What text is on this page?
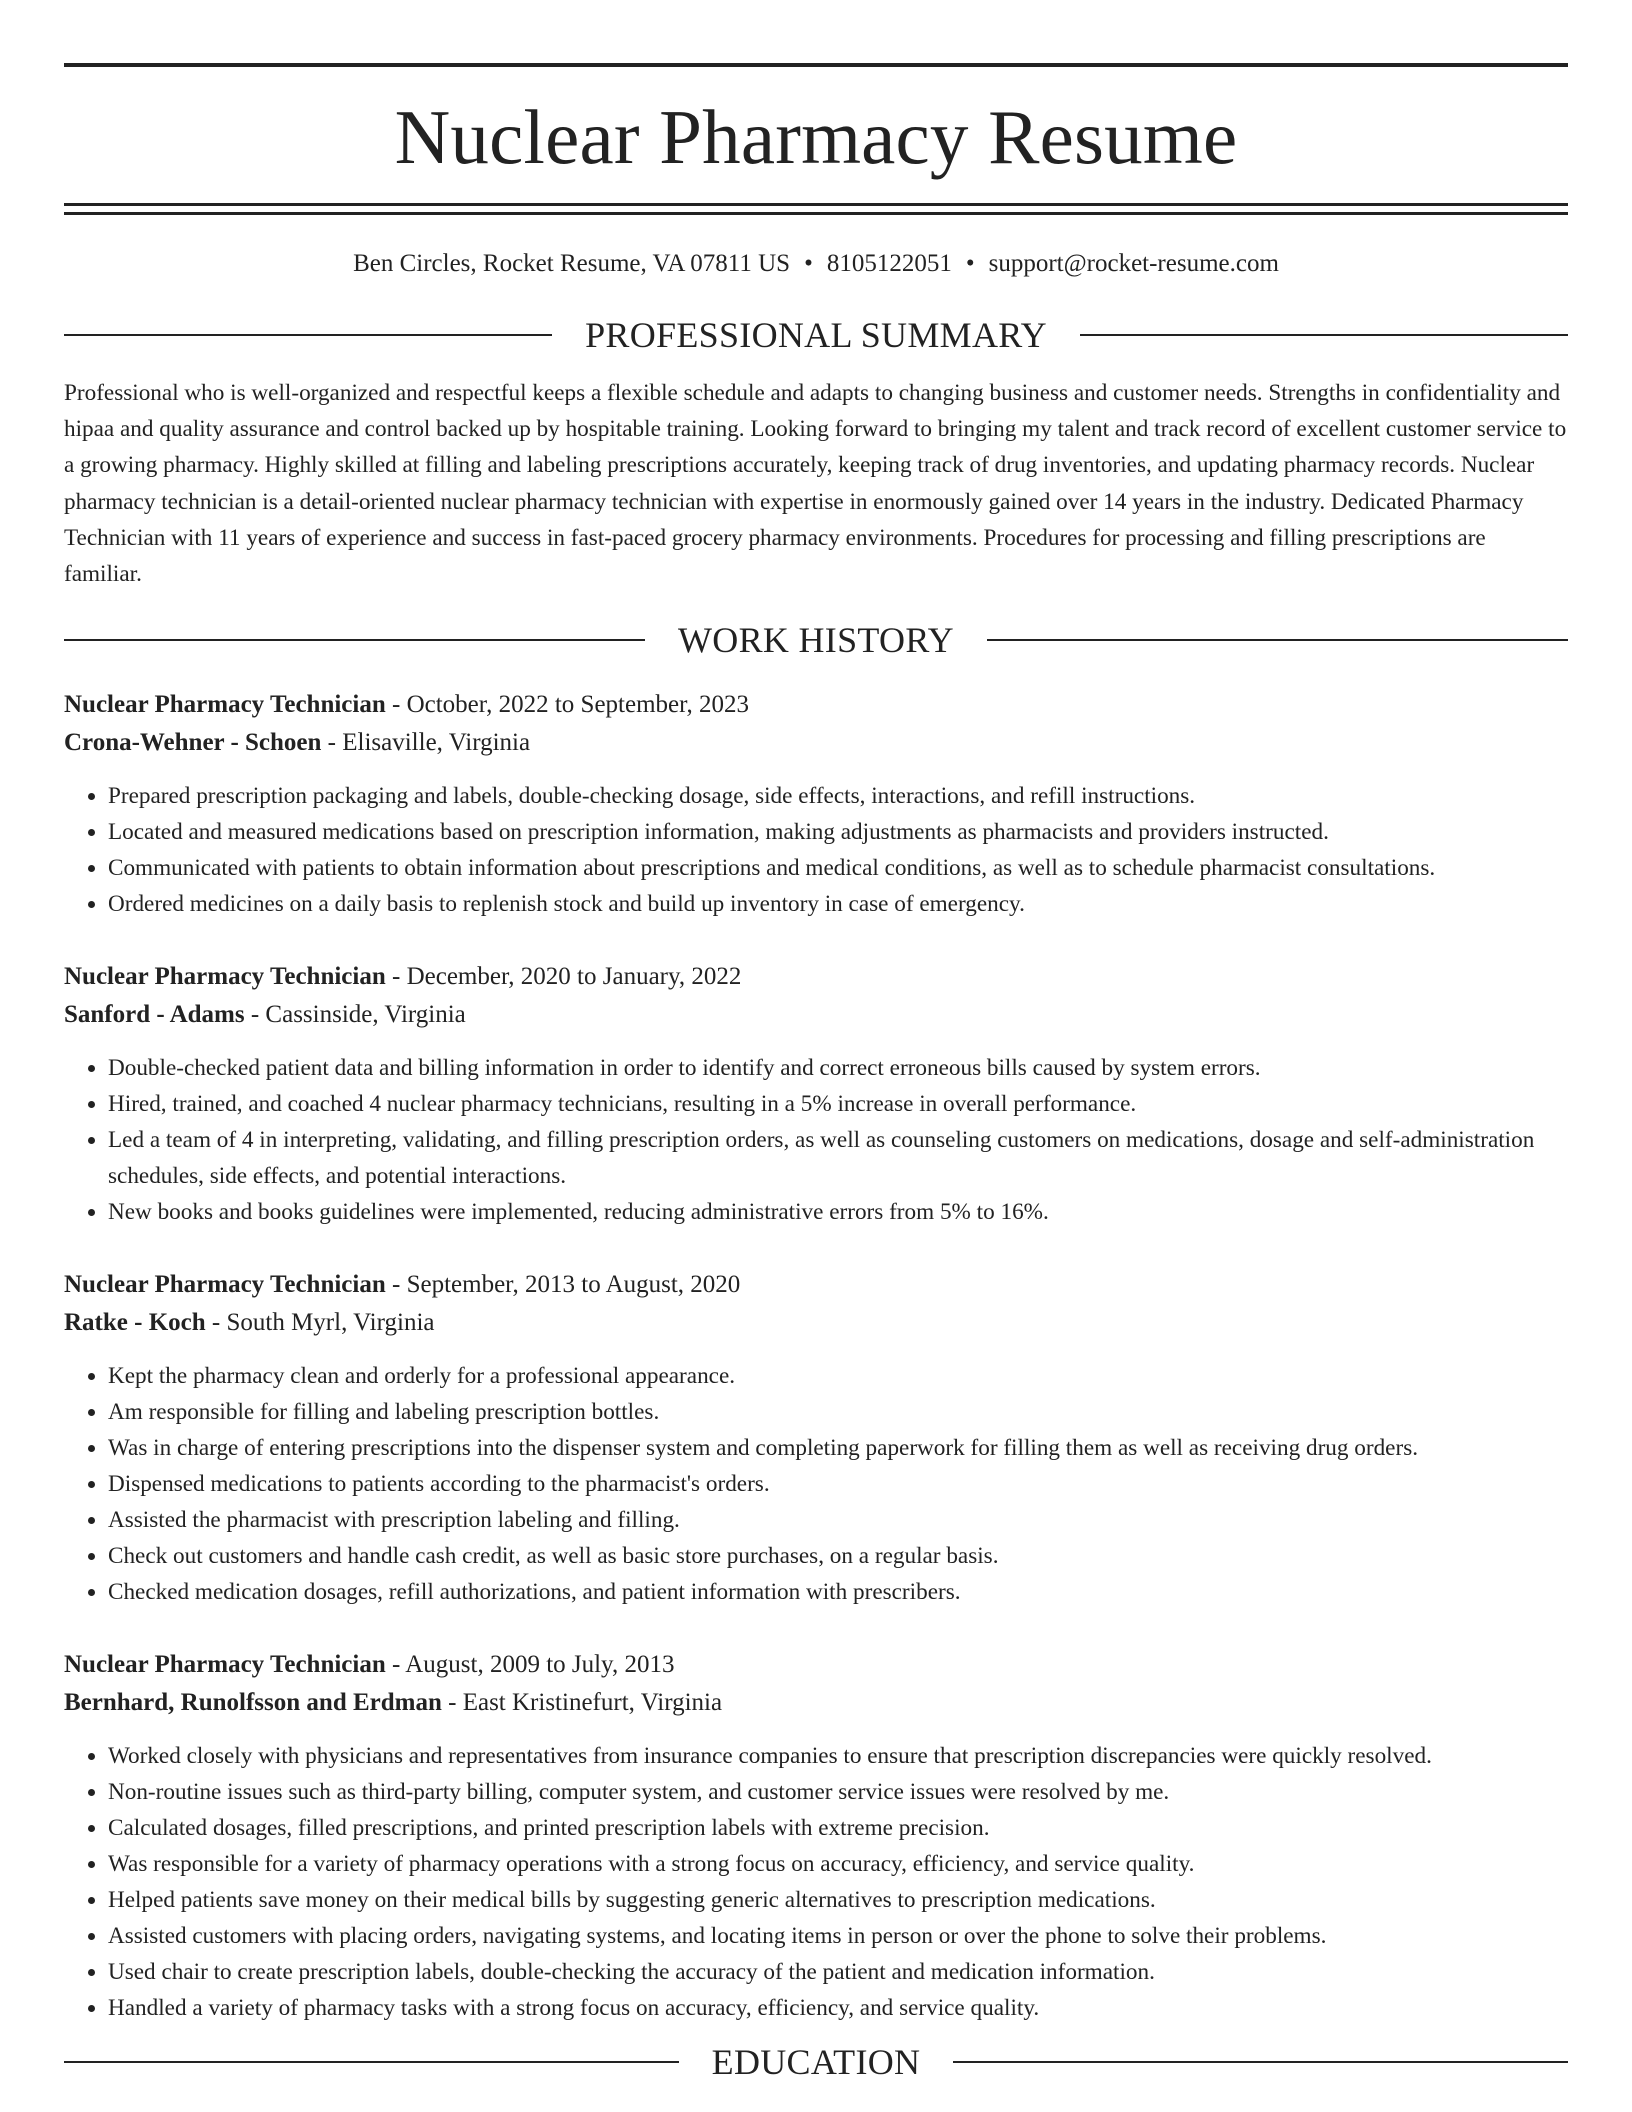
Nuclear Pharmacy Resume
Ben Circles, Rocket Resume, VA 07811 US • 8105122051 • support@rocket-resume.com
PROFESSIONAL SUMMARY

Professional who is well-organized and respectful keeps a flexible schedule and adapts to changing business and customer needs. Strengths in confidentiality and hipaa and quality assurance and control backed up by hospitable training. Looking forward to bringing my talent and track record of excellent customer service to a growing pharmacy. Highly skilled at filling and labeling prescriptions accurately, keeping track of drug inventories, and updating pharmacy records. Nuclear pharmacy technician is a detail-oriented nuclear pharmacy technician with expertise in enormously gained over 14 years in the industry. Dedicated Pharmacy Technician with 11 years of experience and success in fast-paced grocery pharmacy environments. Procedures for processing and filling prescriptions are familiar.

WORK HISTORY
Nuclear Pharmacy Technician - October, 2022 to September, 2023
Crona-Wehner - Schoen - Elisaville, Virginia
• Prepared prescription packaging and labels, double-checking dosage, side effects, interactions, and refill instructions.
• Located and measured medications based on prescription information, making adjustments as pharmacists and providers instructed.
• Communicated with patients to obtain information about prescriptions and medical conditions, as well as to schedule pharmacist consultations.
• Ordered medicines on a daily basis to replenish stock and build up inventory in case of emergency.
Nuclear Pharmacy Technician - December, 2020 to January, 2022
Sanford - Adams - Cassinside, Virginia
• Double-checked patient data and billing information in order to identify and correct erroneous bills caused by system errors.
• Hired, trained, and coached 4 nuclear pharmacy technicians, resulting in a 5% increase in overall performance.
• Led a team of 4 in interpreting, validating, and filling prescription orders, as well as counseling customers on medications, dosage and self-administration schedules, side effects, and potential interactions.
• New books and books guidelines were implemented, reducing administrative errors from 5% to 16%.
Nuclear Pharmacy Technician - September, 2013 to August, 2020
Ratke - Koch - South Myrl, Virginia
• Kept the pharmacy clean and orderly for a professional appearance.
• Am responsible for filling and labeling prescription bottles.
• Was in charge of entering prescriptions into the dispenser system and completing paperwork for filling them as well as receiving drug orders.
• Dispensed medications to patients according to the pharmacist's orders.
• Assisted the pharmacist with prescription labeling and filling.
• Check out customers and handle cash credit, as well as basic store purchases, on a regular basis.
• Checked medication dosages, refill authorizations, and patient information with prescribers.
Nuclear Pharmacy Technician - August, 2009 to July, 2013
Bernhard, Runolfsson and Erdman - East Kristinefurt, Virginia
• Worked closely with physicians and representatives from insurance companies to ensure that prescription discrepancies were quickly resolved.
• Non-routine issues such as third-party billing, computer system, and customer service issues were resolved by me.
• Calculated dosages, filled prescriptions, and printed prescription labels with extreme precision.
• Was responsible for a variety of pharmacy operations with a strong focus on accuracy, efficiency, and service quality.
• Helped patients save money on their medical bills by suggesting generic alternatives to prescription medications.
• Assisted customers with placing orders, navigating systems, and locating items in person or over the phone to solve their problems.
• Used chair to create prescription labels, double-checking the accuracy of the patient and medication information.
• Handled a variety of pharmacy tasks with a strong focus on accuracy, efficiency, and service quality.
EDUCATION
